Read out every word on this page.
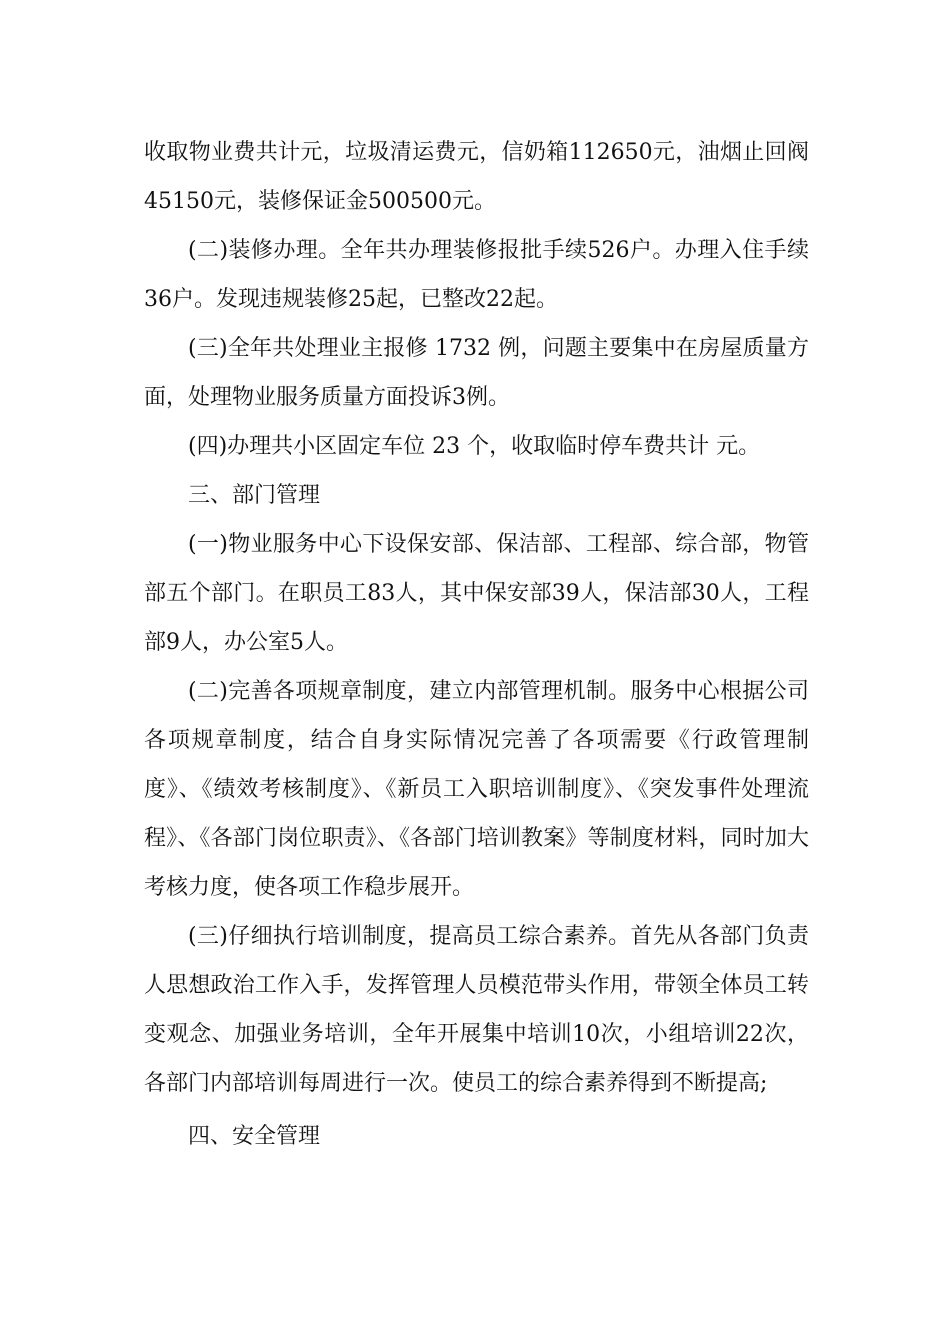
收取物业费共计元，垃圾清运费元，信奶箱112650元，油烟止回阀45150元，装修保证金500500元。

(二)装修办理。全年共办理装修报批手续526户。办理入住手续36户。发现违规装修25起，已整改22起。

(三)全年共处理业主报修 1732 例，问题主要集中在房屋质量方面，处理物业服务质量方面投诉3例。

(四)办理共小区固定车位 23 个，收取临时停车费共计 元。

三、部门管理

(一)物业服务中心下设保安部、保洁部、工程部、综合部，物管部五个部门。在职员工83人，其中保安部39人，保洁部30人，工程部9人，办公室5人。

(二)完善各项规章制度，建立内部管理机制。服务中心根据公司各项规章制度，结合自身实际情况完善了各项需要《行政管理制度》、《绩效考核制度》、《新员工入职培训制度》、《突发事件处理流程》、《各部门岗位职责》、《各部门培训教案》等制度材料，同时加大考核力度，使各项工作稳步展开。

(三)仔细执行培训制度，提高员工综合素养。首先从各部门负责人思想政治工作入手，发挥管理人员模范带头作用，带领全体员工转变观念、加强业务培训，全年开展集中培训10次，小组培训22次，各部门内部培训每周进行一次。使员工的综合素养得到不断提高;

四、安全管理
